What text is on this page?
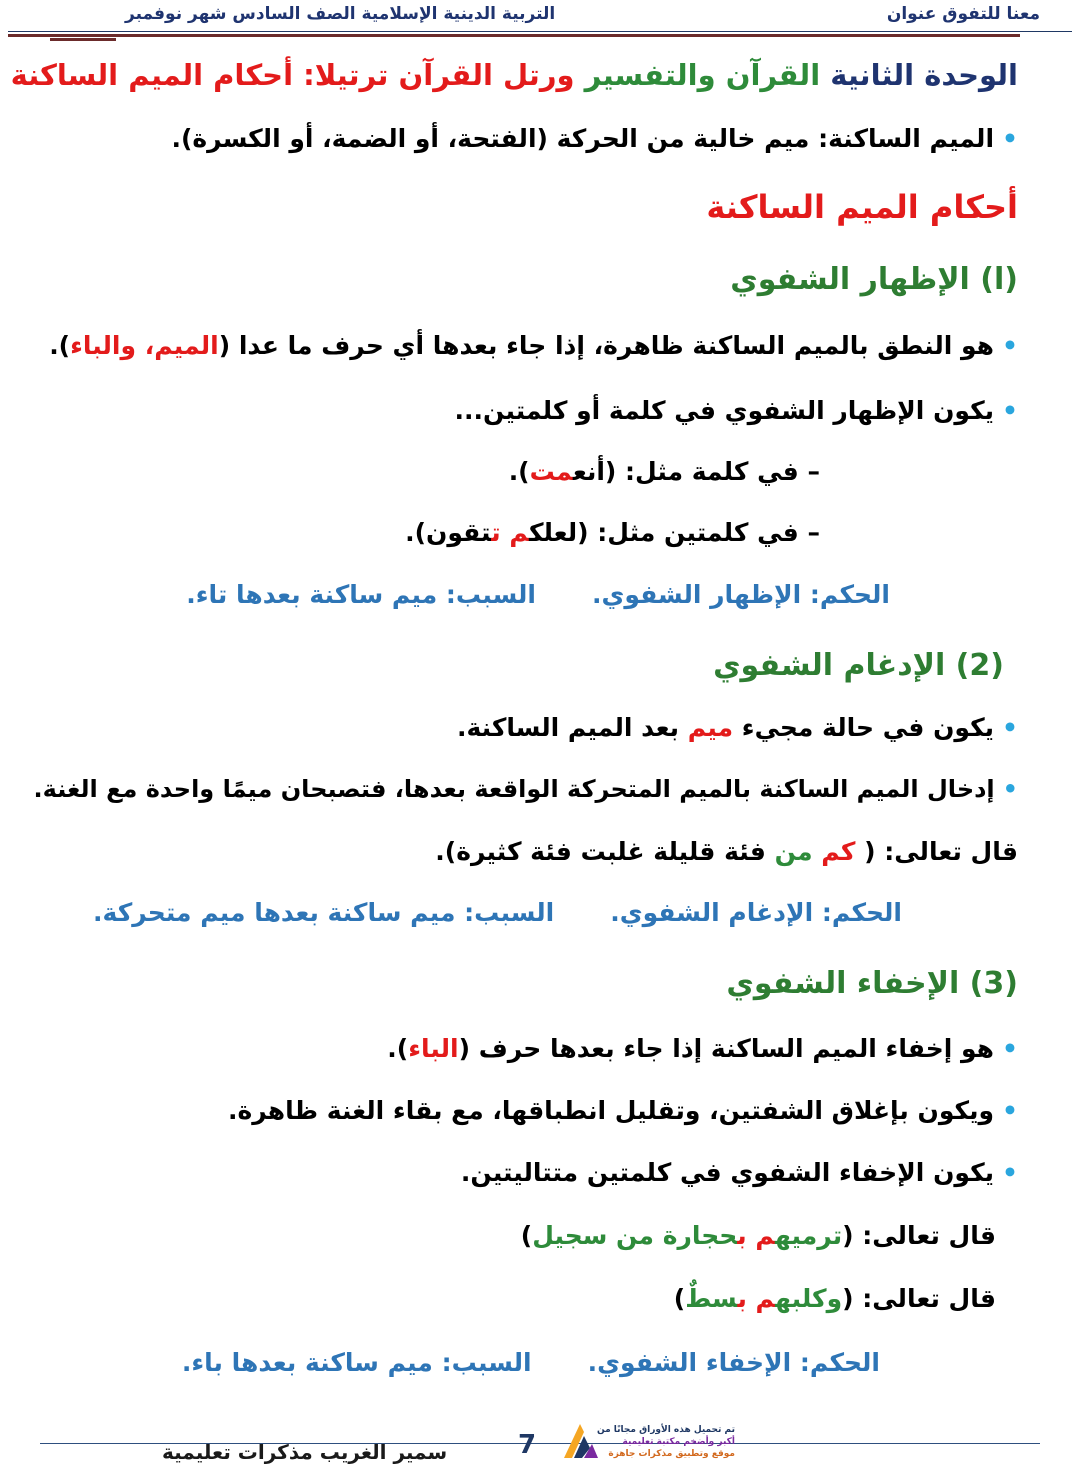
معنا للتفوق عنوان
التربية الدينية الإسلامية الصف السادس شهر نوفمبر
الوحدة الثانية القرآن والتفسير ورتل القرآن ترتيلا: أحكام الميم الساكنة
•الميم الساكنة: ميم خالية من الحركة (الفتحة، أو الضمة، أو الكسرة).
أحكام الميم الساكنة
(ا) الإظهار الشفوي
•هو النطق بالميم الساكنة ظاهرة، إذا جاء بعدها أي حرف ما عدا (الميم، والباء).
•يكون الإظهار الشفوي في كلمة أو كلمتين...
– في كلمة مثل: (أنعمت).
– في كلمتين مثل: (لعلكم تتقون).
الحكم: الإظهار الشفوي.السبب: ميم ساكنة بعدها تاء.
(2) الإدغام الشفوي
•يكون في حالة مجيء ميم بعد الميم الساكنة.
•إدخال الميم الساكنة بالميم المتحركة الواقعة بعدها، فتصبحان ميمًا واحدة مع الغنة.
قال تعالى: ( كم من فئة قليلة غلبت فئة كثيرة).
الحكم: الإدغام الشفوي.السبب: ميم ساكنة بعدها ميم متحركة.
(3) الإخفاء الشفوي
•هو إخفاء الميم الساكنة إذا جاء بعدها حرف (الباء).
•ويكون بإغلاق الشفتين، وتقليل انطباقها، مع بقاء الغنة ظاهرة.
•يكون الإخفاء الشفوي في كلمتين متتاليتين.
قال تعالى: (ترميهم بحجارة من سجيل)
قال تعالى: (وكلبهم بسطٌ)
الحكم: الإخفاء الشفوي.السبب: ميم ساكنة بعدها باء.
سمير الغريب مذكرات تعليمية	7	تم تحميل هذه الأوراق مجانًا من
أكبر وأضخم مكتبة تعليمية
موقع وتطبيق مذكرات جاهزة
